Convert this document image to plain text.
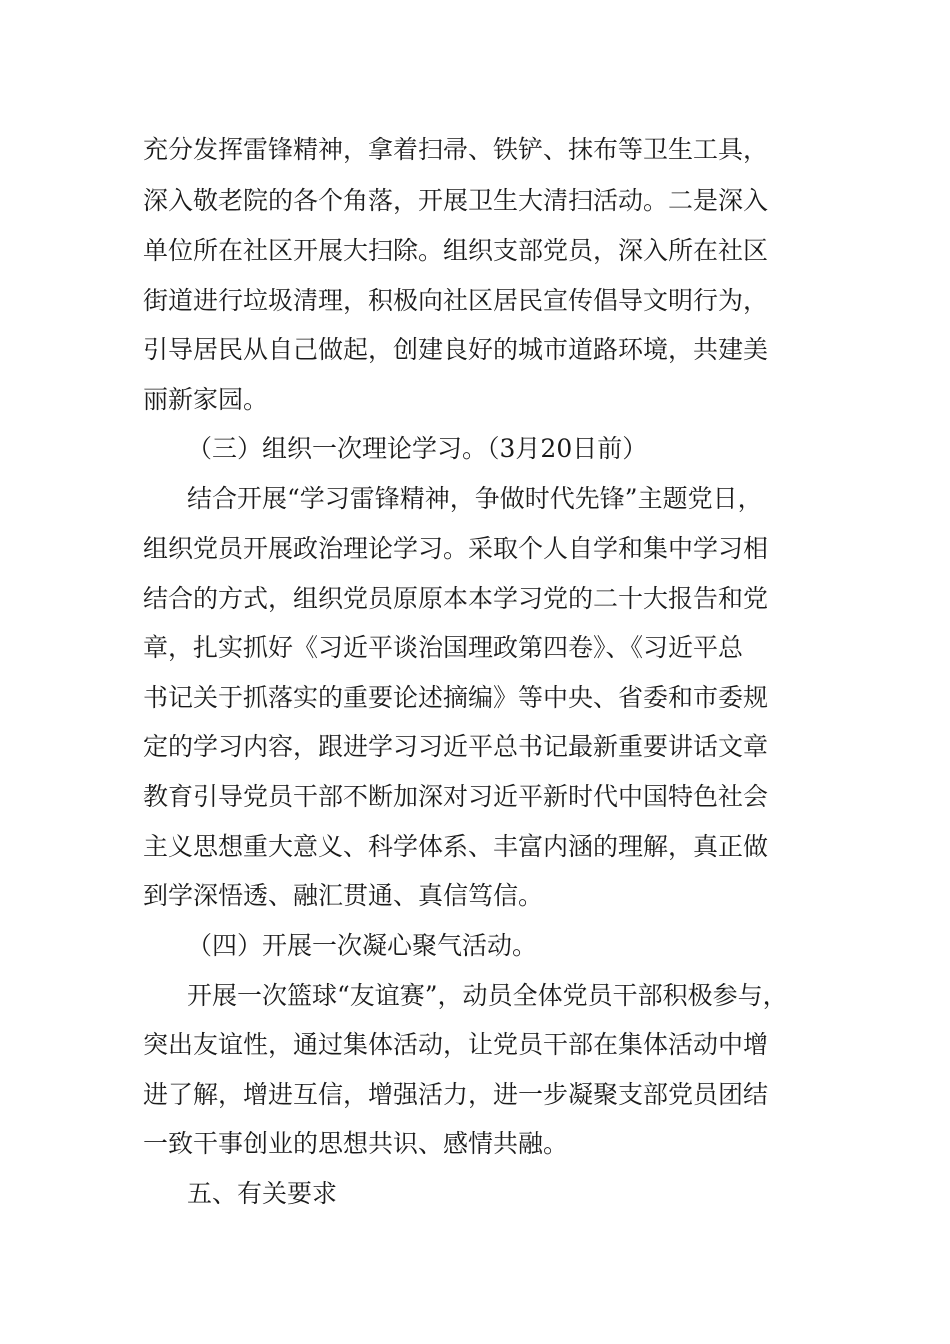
充分发挥雷锋精神，拿着扫帚、铁铲、抹布等卫生工具，
深入敬老院的各个角落，开展卫生大清扫活动。二是深入
单位所在社区开展大扫除。组织支部党员，深入所在社区
街道进行垃圾清理，积极向社区居民宣传倡导文明行为，
引导居民从自己做起，创建良好的城市道路环境，共建美
丽新家园。
（三）组织一次理论学习。（3月20日前）
结合开展“学习雷锋精神，争做时代先锋”主题党日，
组织党员开展政治理论学习。采取个人自学和集中学习相
结合的方式，组织党员原原本本学习党的二十大报告和党
章，扎实抓好《习近平谈治国理政第四卷》、《习近平总
书记关于抓落实的重要论述摘编》等中央、省委和市委规
定的学习内容，跟进学习习近平总书记最新重要讲话文章
教育引导党员干部不断加深对习近平新时代中国特色社会
主义思想重大意义、科学体系、丰富内涵的理解，真正做
到学深悟透、融汇贯通、真信笃信。
（四）开展一次凝心聚气活动。
开展一次篮球“友谊赛”，动员全体党员干部积极参与，
突出友谊性，通过集体活动，让党员干部在集体活动中增
进了解，增进互信，增强活力，进一步凝聚支部党员团结
一致干事创业的思想共识、感情共融。
五、有关要求
